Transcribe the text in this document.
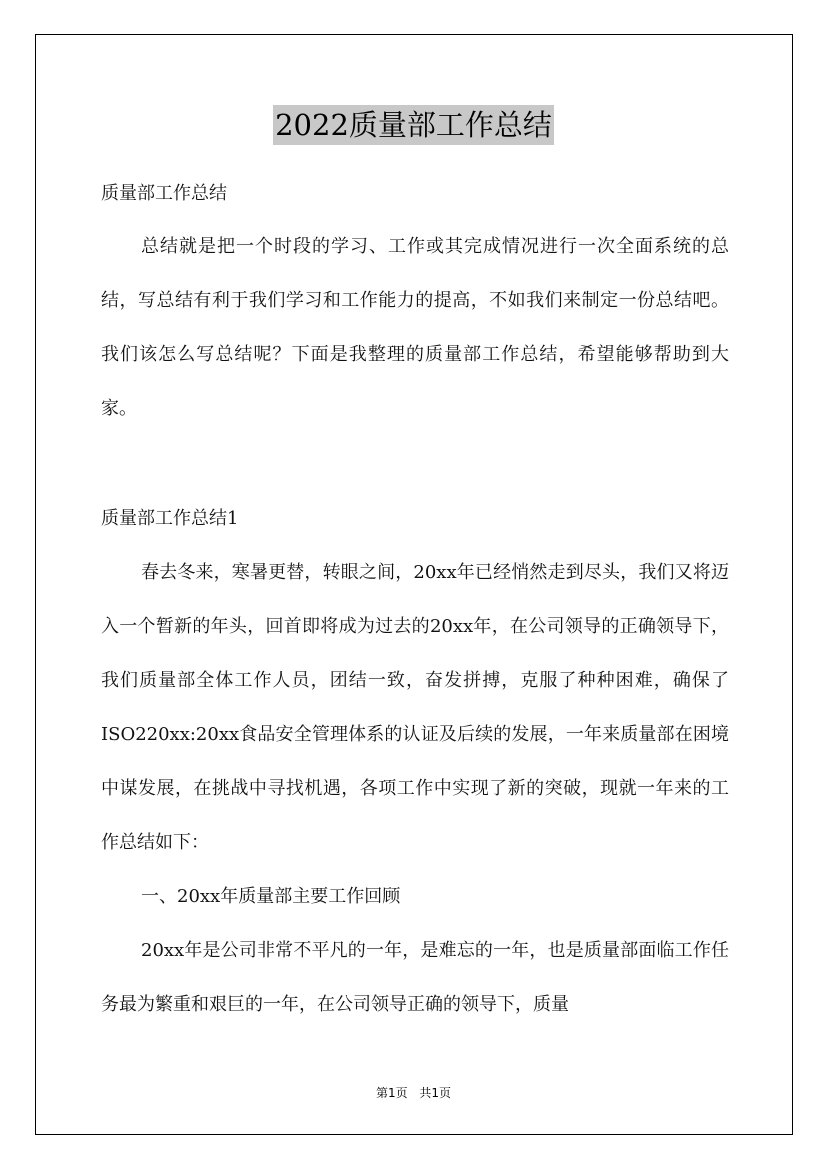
2022质量部工作总结
质量部工作总结
总结就是把一个时段的学习、工作或其完成情况进行一次全面系统的总结，写总结有利于我们学习和工作能力的提高，不如我们来制定一份总结吧。我们该怎么写总结呢？下面是我整理的质量部工作总结，希望能够帮助到大家。
质量部工作总结1
春去冬来，寒暑更替，转眼之间，20xx年已经悄然走到尽头，我们又将迈入一个暂新的年头，回首即将成为过去的20xx年，在公司领导的正确领导下，我们质量部全体工作人员，团结一致，奋发拼搏，克服了种种困难，确保了ISO220xx:20xx食品安全管理体系的认证及后续的发展，一年来质量部在困境中谋发展，在挑战中寻找机遇，各项工作中实现了新的突破，现就一年来的工作总结如下：
一、20xx年质量部主要工作回顾
20xx年是公司非常不平凡的一年，是难忘的一年，也是质量部面临工作任务最为繁重和艰巨的一年，在公司领导正确的领导下，质量
第1页 共1页
